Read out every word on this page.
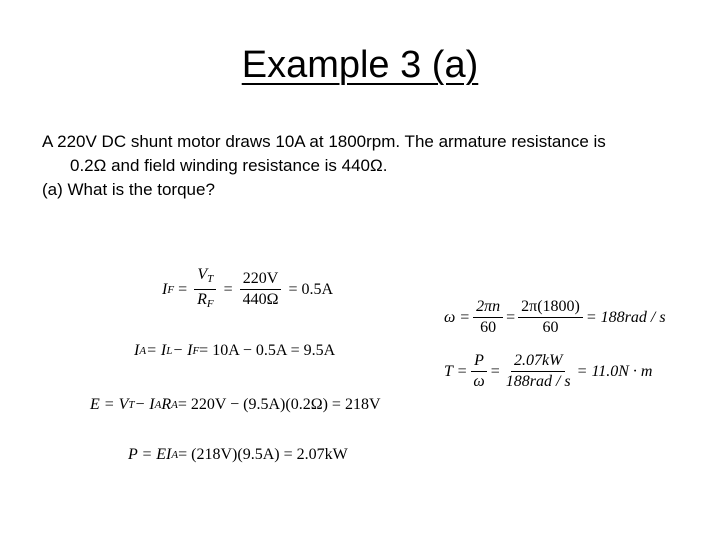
Example 3 (a)
A 220V DC shunt motor draws 10A at 1800rpm. The armature resistance is
0.2Ω and field winding resistance is 440Ω.
(a) What is the torque?
I $F = \frac{V_T}{R_F} = \frac{220V}{440\Omega}$
= 0.5A
I A = I L − I F = 10A − 0.5A = 9.5A
E = V T − I A R A = 220V − (9.5A)(0.2Ω) = 218V
P = EI A = (218V)(9.5A) = 2.07kW
$\omega = \frac{2\pi n}{60} = \frac{2\pi(1800)}{60} = 188rad / s$
$T = \frac{P}{\omega} = \frac{2.07kW}{\text{188rad / s}} = 11.0N \cdot m$
